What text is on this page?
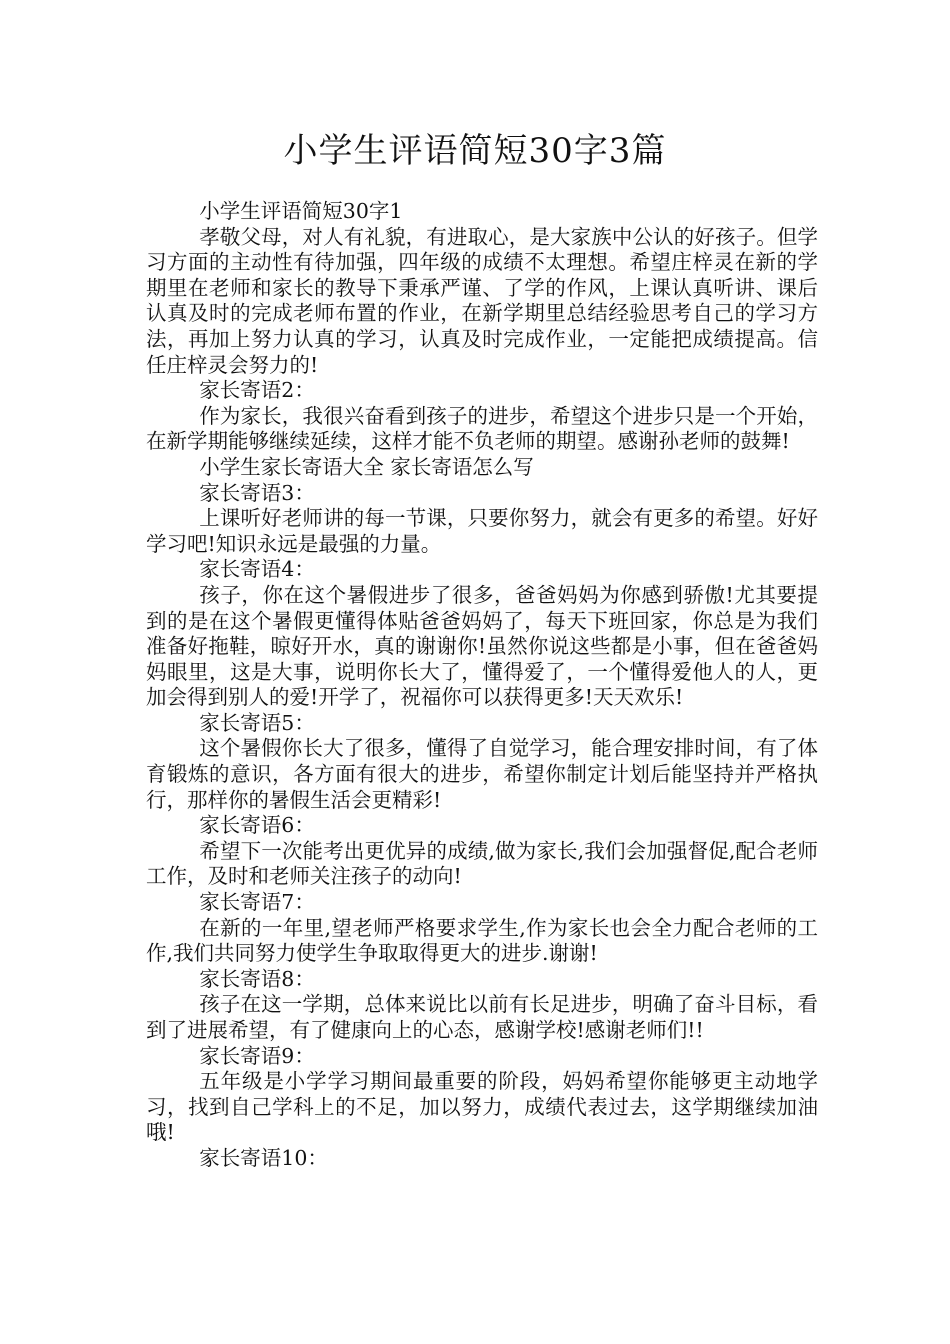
小学生评语简短30字3篇

小学生评语简短30字1

孝敬父母，对人有礼貌，有进取心，是大家族中公认的好孩子。但学习方面的主动性有待加强，四年级的成绩不太理想。希望庄梓灵在新的学期里在老师和家长的教导下秉承严谨、了学的作风，上课认真听讲、课后认真及时的完成老师布置的作业，在新学期里总结经验思考自己的学习方法，再加上努力认真的学习，认真及时完成作业，一定能把成绩提高。信任庄梓灵会努力的!

家长寄语2：

作为家长，我很兴奋看到孩子的进步，希望这个进步只是一个开始，在新学期能够继续延续，这样才能不负老师的期望。感谢孙老师的鼓舞!

小学生家长寄语大全 家长寄语怎么写

家长寄语3：

上课听好老师讲的每一节课，只要你努力，就会有更多的希望。好好学习吧!知识永远是最强的力量。

家长寄语4：

孩子，你在这个暑假进步了很多，爸爸妈妈为你感到骄傲!尤其要提到的是在这个暑假更懂得体贴爸爸妈妈了，每天下班回家，你总是为我们准备好拖鞋，晾好开水，真的谢谢你!虽然你说这些都是小事，但在爸爸妈妈眼里，这是大事，说明你长大了，懂得爱了，一个懂得爱他人的人，更加会得到别人的爱!开学了，祝福你可以获得更多!天天欢乐!

家长寄语5：

这个暑假你长大了很多，懂得了自觉学习，能合理安排时间，有了体育锻炼的意识，各方面有很大的进步，希望你制定计划后能坚持并严格执行，那样你的暑假生活会更精彩!

家长寄语6：

希望下一次能考出更优异的成绩,做为家长,我们会加强督促,配合老师工作，及时和老师关注孩子的动向!

家长寄语7：

在新的一年里,望老师严格要求学生,作为家长也会全力配合老师的工作,我们共同努力使学生争取取得更大的进步.谢谢!

家长寄语8：

孩子在这一学期，总体来说比以前有长足进步，明确了奋斗目标，看到了进展希望，有了健康向上的心态，感谢学校!感谢老师们!!

家长寄语9：

五年级是小学学习期间最重要的阶段，妈妈希望你能够更主动地学习，找到自己学科上的不足，加以努力，成绩代表过去，这学期继续加油哦!

家长寄语10：
